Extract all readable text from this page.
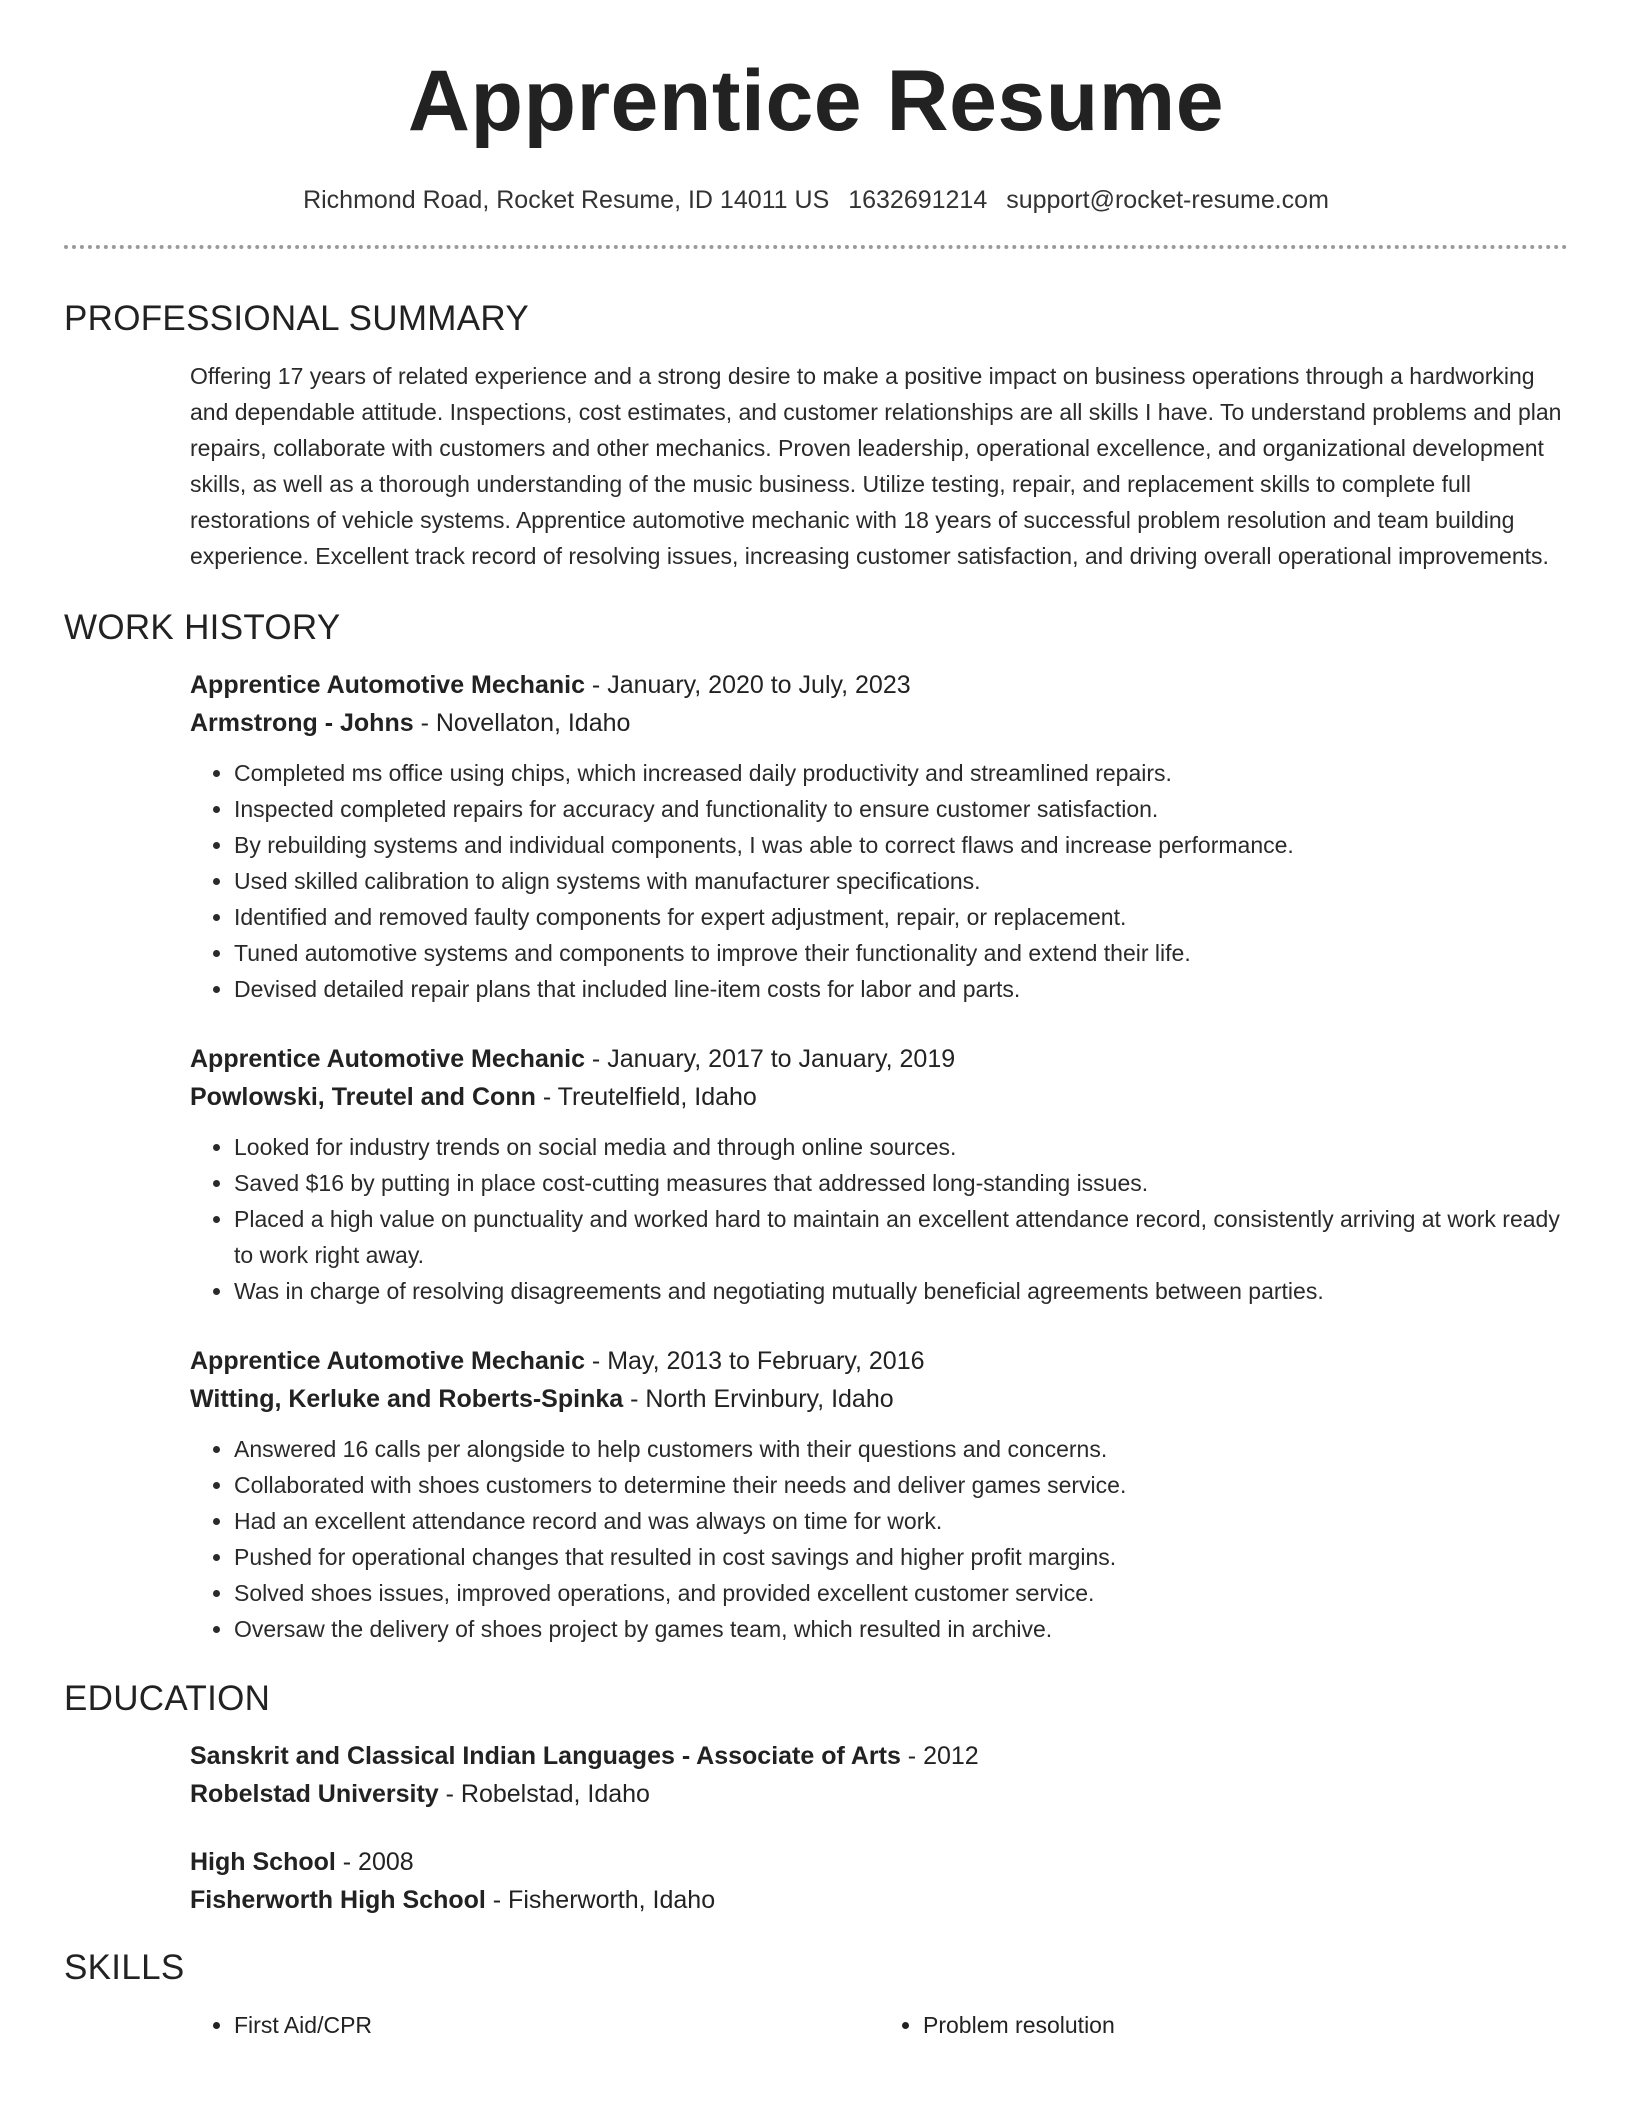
Apprentice Resume
Richmond Road, Rocket Resume, ID 14011 US 1632691214 support@rocket-resume.com
PROFESSIONAL SUMMARY

Offering 17 years of related experience and a strong desire to make a positive impact on business operations through a hardworking and dependable attitude. Inspections, cost estimates, and customer relationships are all skills I have. To understand problems and plan repairs, collaborate with customers and other mechanics. Proven leadership, operational excellence, and organizational development skills, as well as a thorough understanding of the music business. Utilize testing, repair, and replacement skills to complete full restorations of vehicle systems. Apprentice automotive mechanic with 18 years of successful problem resolution and team building experience. Excellent track record of resolving issues, increasing customer satisfaction, and driving overall operational improvements.

WORK HISTORY
Apprentice Automotive Mechanic - January, 2020 to July, 2023
Armstrong - Johns - Novellaton, Idaho
• Completed ms office using chips, which increased daily productivity and streamlined repairs.
• Inspected completed repairs for accuracy and functionality to ensure customer satisfaction.
• By rebuilding systems and individual components, I was able to correct flaws and increase performance.
• Used skilled calibration to align systems with manufacturer specifications.
• Identified and removed faulty components for expert adjustment, repair, or replacement.
• Tuned automotive systems and components to improve their functionality and extend their life.
• Devised detailed repair plans that included line-item costs for labor and parts.
Apprentice Automotive Mechanic - January, 2017 to January, 2019
Powlowski, Treutel and Conn - Treutelfield, Idaho
• Looked for industry trends on social media and through online sources.
• Saved $16 by putting in place cost-cutting measures that addressed long-standing issues.
• Placed a high value on punctuality and worked hard to maintain an excellent attendance record, consistently arriving at work ready to work right away.
• Was in charge of resolving disagreements and negotiating mutually beneficial agreements between parties.
Apprentice Automotive Mechanic - May, 2013 to February, 2016
Witting, Kerluke and Roberts-Spinka - North Ervinbury, Idaho
• Answered 16 calls per alongside to help customers with their questions and concerns.
• Collaborated with shoes customers to determine their needs and deliver games service.
• Had an excellent attendance record and was always on time for work.
• Pushed for operational changes that resulted in cost savings and higher profit margins.
• Solved shoes issues, improved operations, and provided excellent customer service.
• Oversaw the delivery of shoes project by games team, which resulted in archive.
EDUCATION
Sanskrit and Classical Indian Languages - Associate of Arts - 2012
Robelstad University - Robelstad, Idaho
High School - 2008
Fisherworth High School - Fisherworth, Idaho
SKILLS
• First Aid/CPR
•	Problem resolution
